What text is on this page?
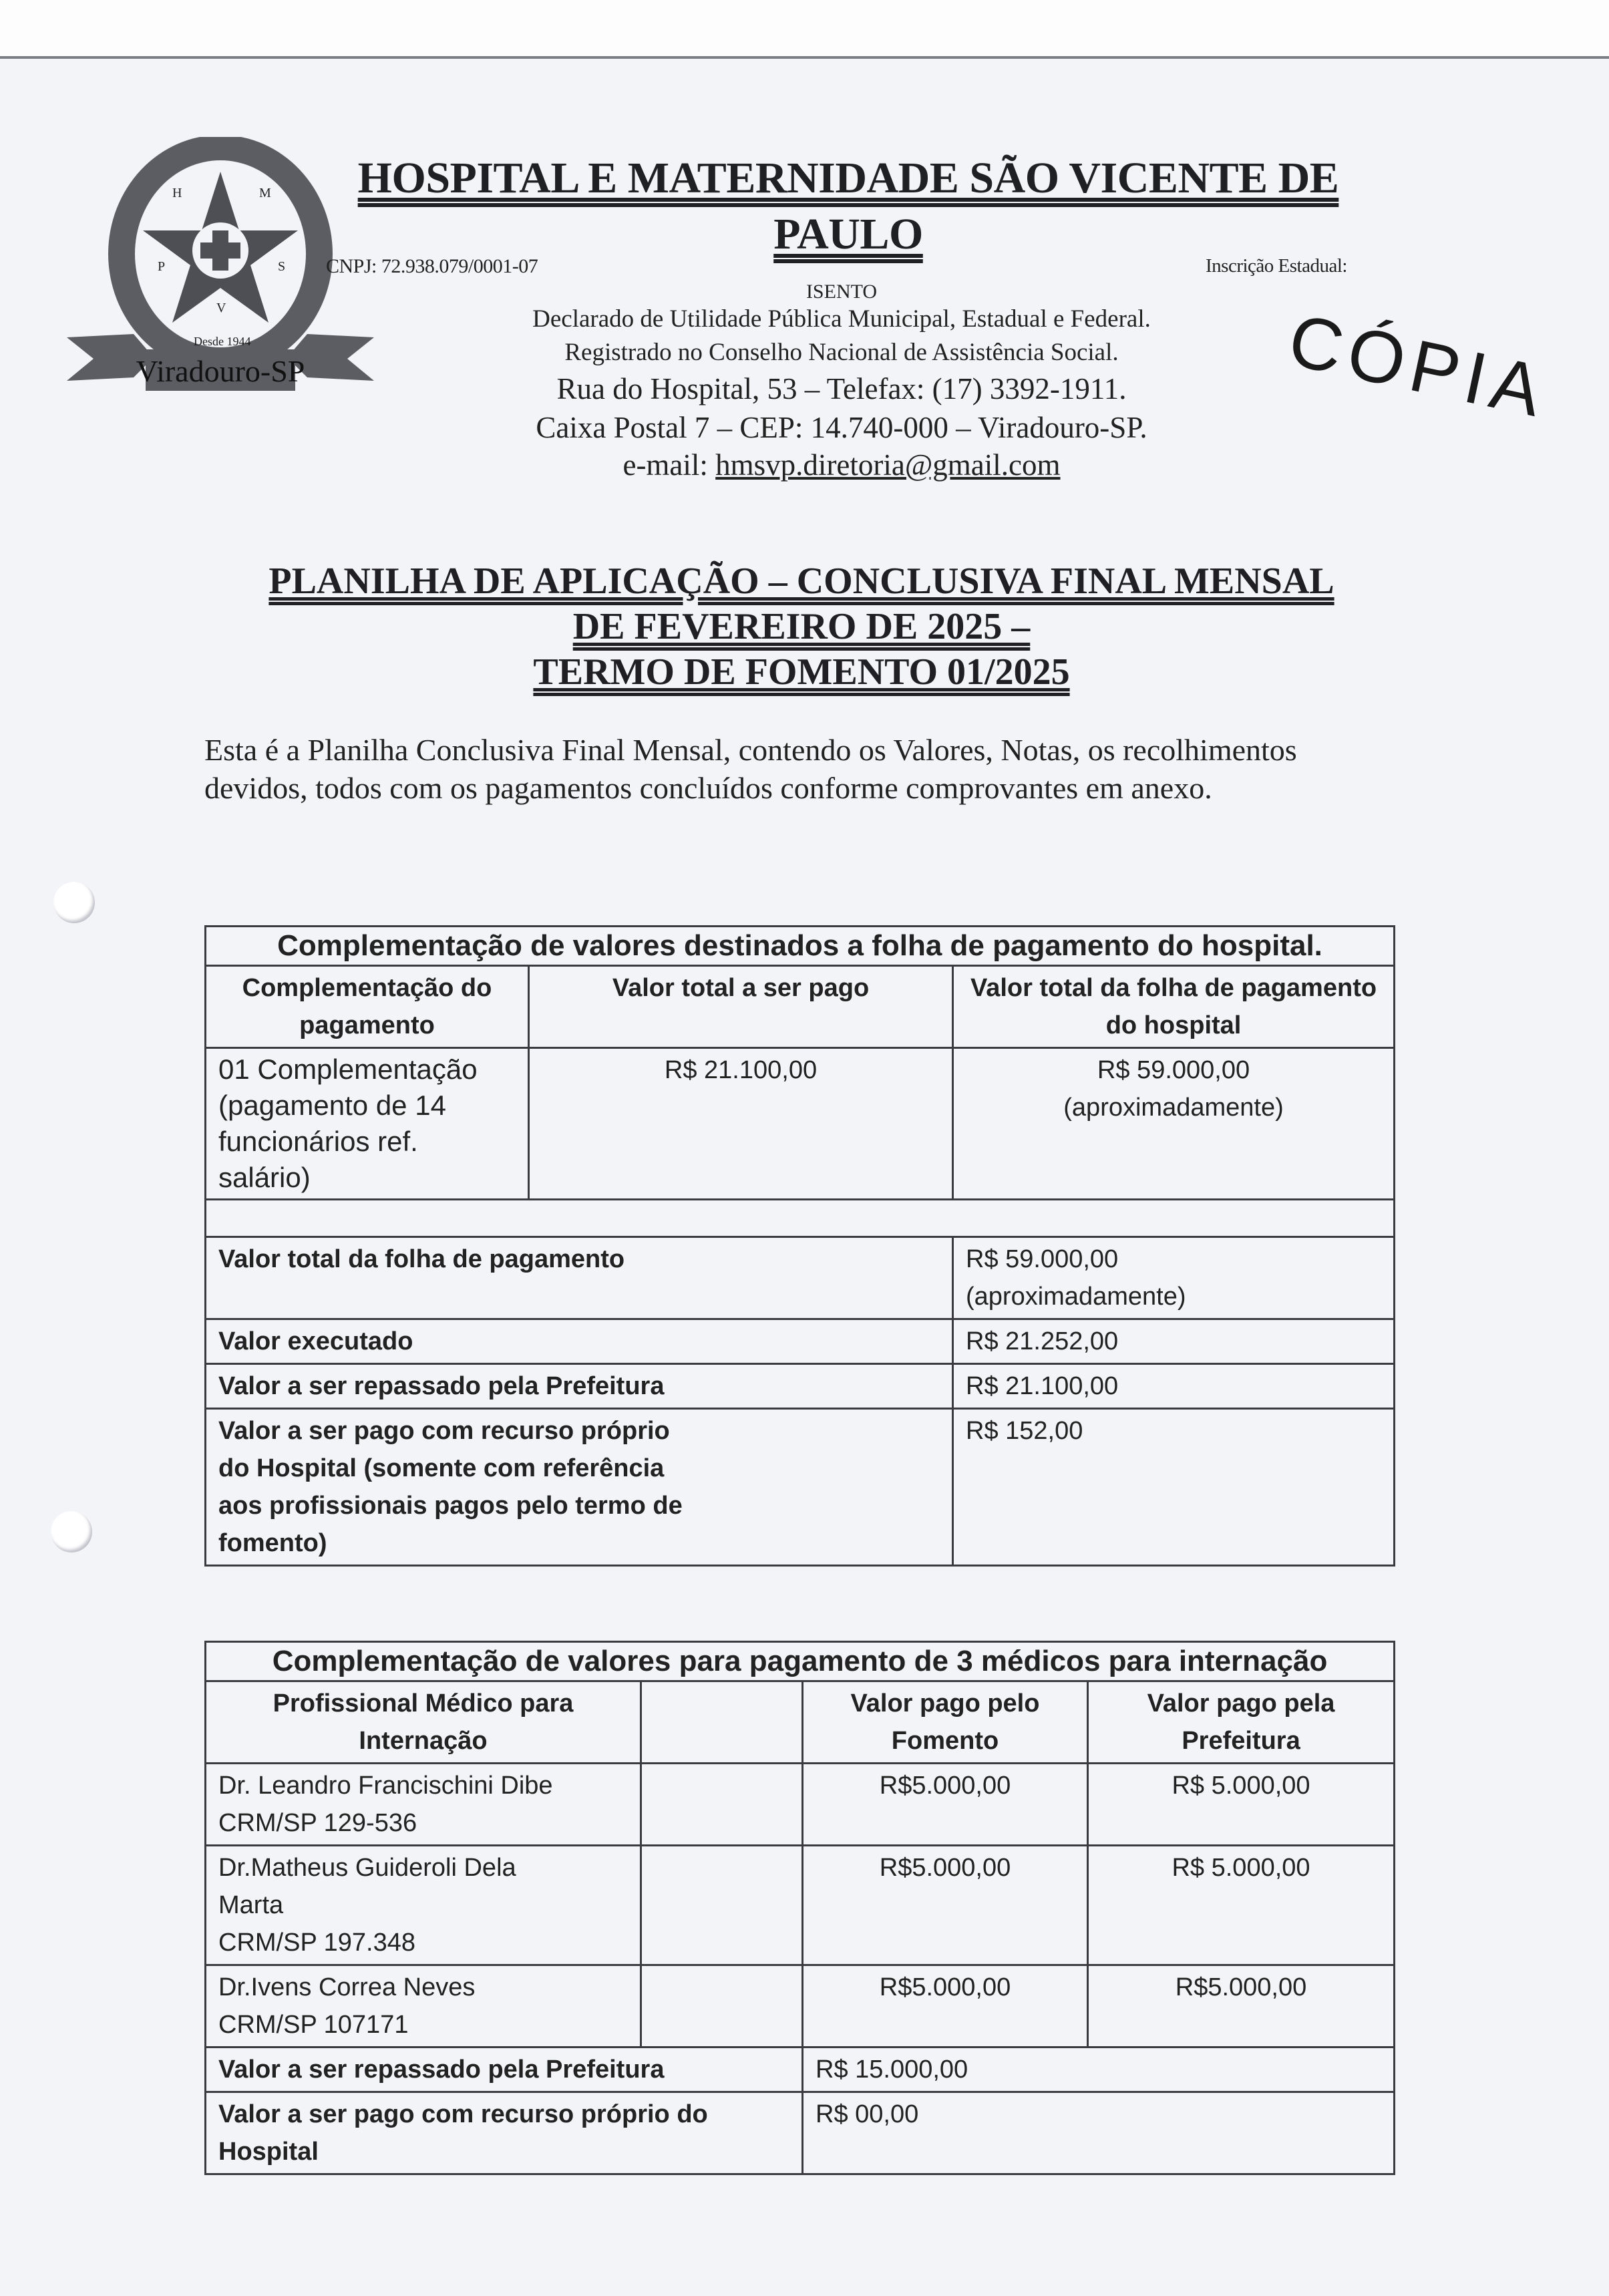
H	M
P	S
V
Desde 1944
Viradouro-SP
HOSPITAL E MATERNIDADE SÃO VICENTE DE PAULO
CNPJ: 72.938.079/0001-07	Inscrição Estadual:
ISENTO
Declarado de Utilidade Pública Municipal, Estadual e Federal.
Registrado no Conselho Nacional de Assistência Social.
Rua do Hospital, 53 – Telefax: (17) 3392-1911.
Caixa Postal 7 – CEP: 14.740-000 – Viradouro-SP.
e-mail: hmsvp.diretoria@gmail.com
CÓPIA
PLANILHA DE APLICAÇÃO – CONCLUSIVA FINAL MENSAL
DE FEVEREIRO DE 2025 –
TERMO DE FOMENTO 01/2025
Esta é a Planilha Conclusiva Final Mensal, contendo os Valores, Notas, os recolhimentos devidos, todos com os pagamentos concluídos conforme comprovantes em anexo.
Complementação de valores destinados a folha de pagamento do hospital.		
Complementação do pagamento	Valor total a ser pago	Valor total da folha de pagamento do hospital
01 Complementação (pagamento de 14 funcionários ref. salário)	R$ 21.100,00	R$ 59.000,00
(aproximadamente)

Valor total da folha de pagamento		R$ 59.000,00
(aproximadamente)
Valor executado		R$ 21.252,00
Valor a ser repassado pela Prefeitura		R$ 21.100,00
Valor a ser pago com recurso próprio do Hospital (somente com referência aos profissionais pagos pelo termo de fomento)		R$ 152,00
Complementação de valores para pagamento de 3 médicos para internação			
Profissional Médico para Internação		Valor pago pelo Fomento	Valor pago pela Prefeitura
Dr. Leandro Francischini Dibe
CRM/SP 129-536		R$5.000,00	R$ 5.000,00
Dr.Matheus Guideroli Dela Marta
CRM/SP 197.348		R$5.000,00	R$ 5.000,00
Dr.Ivens Correa Neves
CRM/SP 107171		R$5.000,00	R$5.000,00
Valor a ser repassado pela Prefeitura		R$ 15.000,00	
Valor a ser pago com recurso próprio do Hospital		R$ 00,00	
